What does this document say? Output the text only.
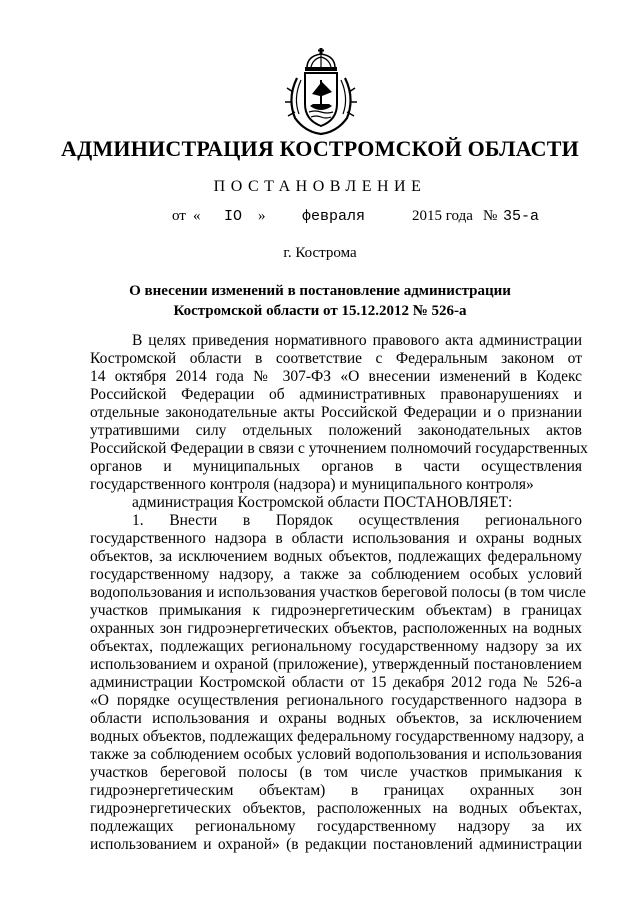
АДМИНИСТРАЦИЯ КОСТРОМСКОЙ ОБЛАСТИ
ПОСТАНОВЛЕНИЕ
от « IO » февраля	2015 года № 35-а
г. Кострома
О внесении изменений в постановление администрации
Костромской области от 15.12.2012 № 526-а
В целях приведения нормативного правового акта администрации
Костромской области в соответствие с Федеральным законом от
14 октября 2014 года № 307-ФЗ «О внесении изменений в Кодекс
Российской Федерации об административных правонарушениях и
отдельные законодательные акты Российской Федерации и о признании
утратившими силу отдельных положений законодательных актов
Российской Федерации в связи с уточнением полномочий государственных
органов и муниципальных органов в части осуществления
государственного контроля (надзора) и муниципального контроля»
администрация Костромской области ПОСТАНОВЛЯЕТ:
1. Внести в Порядок осуществления регионального
государственного надзора в области использования и охраны водных
объектов, за исключением водных объектов, подлежащих федеральному
государственному надзору, а также за соблюдением особых условий
водопользования и использования участков береговой полосы (в том числе
участков примыкания к гидроэнергетическим объектам) в границах
охранных зон гидроэнергетических объектов, расположенных на водных
объектах, подлежащих региональному государственному надзору за их
использованием и охраной (приложение), утвержденный постановлением
администрации Костромской области от 15 декабря 2012 года № 526-а
«О порядке осуществления регионального государственного надзора в
области использования и охраны водных объектов, за исключением
водных объектов, подлежащих федеральному государственному надзору, а
также за соблюдением особых условий водопользования и использования
участков береговой полосы (в том числе участков примыкания к
гидроэнергетическим объектам) в границах охранных зон
гидроэнергетических объектов, расположенных на водных объектах,
подлежащих региональному государственному надзору за их
использованием и охраной» (в редакции постановлений администрации
